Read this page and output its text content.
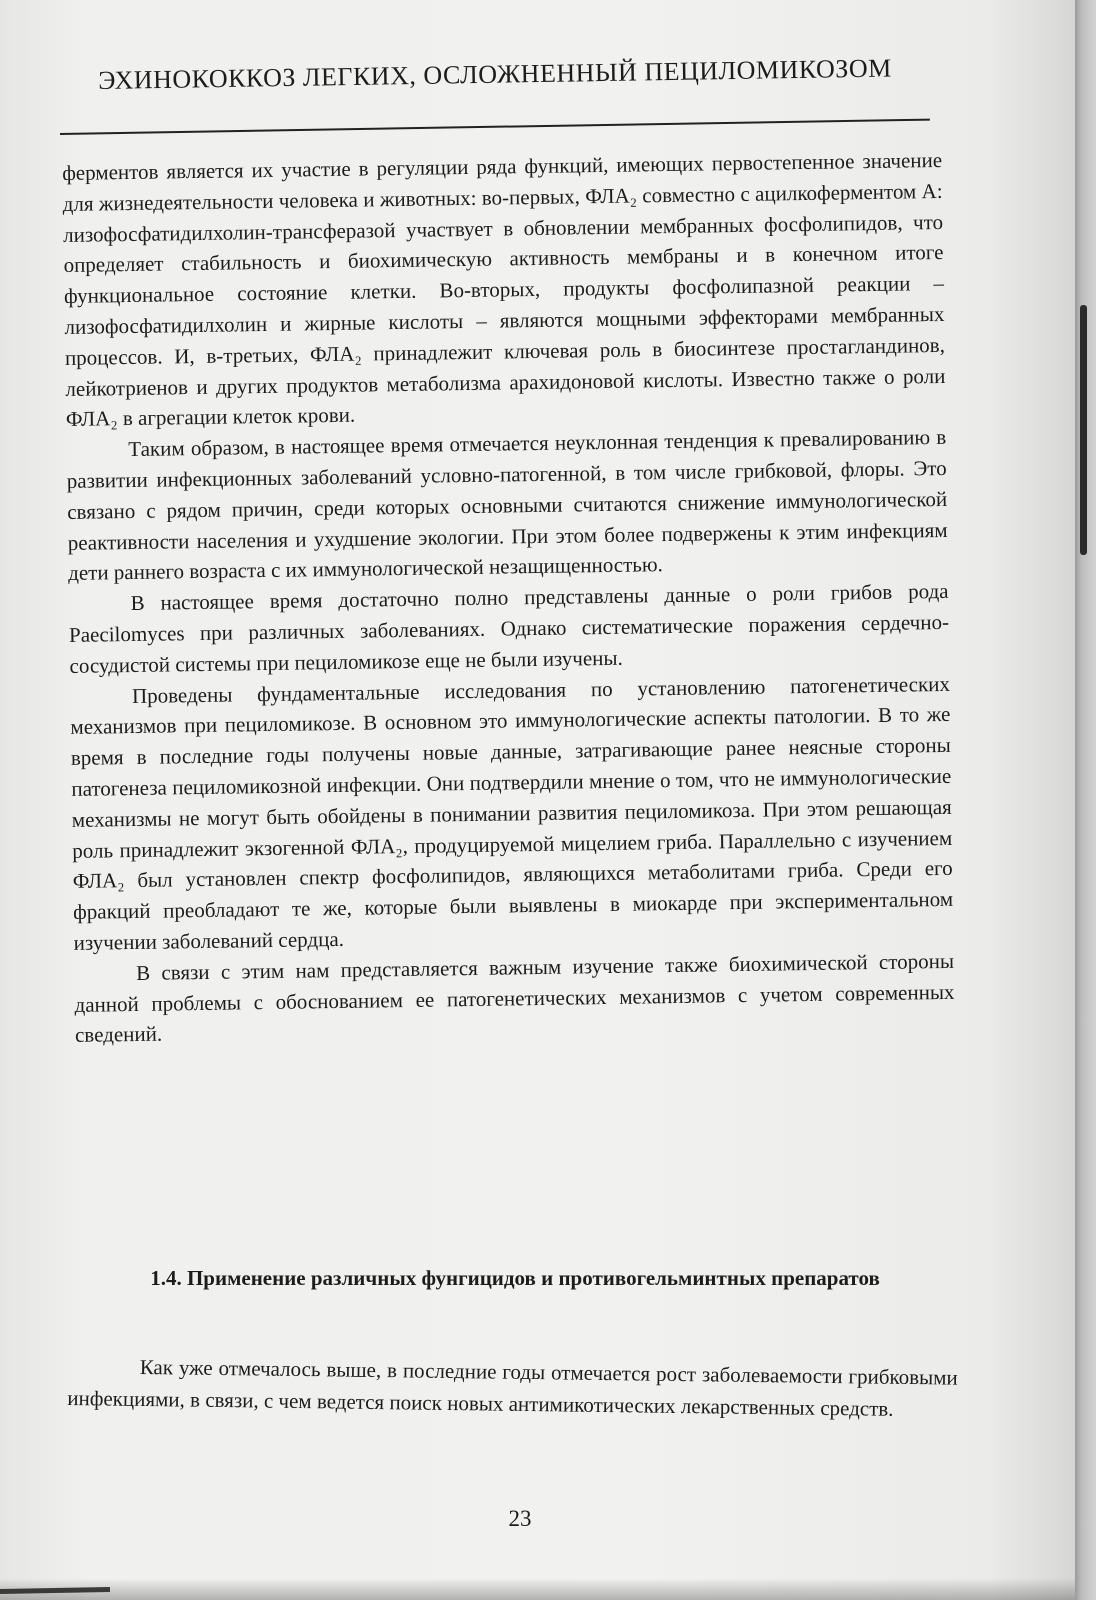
ЭХИНОКОККОЗ ЛЕГКИХ, ОСЛОЖНЕННЫЙ ПЕЦИЛОМИКОЗОМ

ферментов является их участие в регуляции ряда функций, имеющих первостепенное значение для жизнедеятельности человека и животных: во-первых, ФЛА₂ совместно с ацилкоферментом А: лизофосфатидилхолин-трансферазой участвует в обновлении мембранных фосфолипидов, что определяет стабильность и биохимическую активность мембраны и в конечном итоге функциональное состояние клетки. Во-вторых, продукты фосфолипазной реакции – лизофосфатидилхолин и жирные кислоты – являются мощными эффекторами мембранных процессов. И, в-третьих, ФЛА₂ принадлежит ключевая роль в биосинтезе простагландинов, лейкотриенов и других продуктов метаболизма арахидоновой кислоты. Известно также о роли ФЛА₂ в агрегации клеток крови.

Таким образом, в настоящее время отмечается неуклонная тенденция к превалированию в развитии инфекционных заболеваний условно-патогенной, в том числе грибковой, флоры. Это связано с рядом причин, среди которых основными считаются снижение иммунологической реактивности населения и ухудшение экологии. При этом более подвержены к этим инфекциям дети раннего возраста с их иммунологической незащищенностью.

В настоящее время достаточно полно представлены данные о роли грибов рода Paecilomyces при различных заболеваниях. Однако систематические поражения сердечно-сосудистой системы при пециломикозе еще не были изучены.

Проведены фундаментальные исследования по установлению патогенетических механизмов при пециломикозе. В основном это иммунологические аспекты патологии. В то же время в последние годы получены новые данные, затрагивающие ранее неясные стороны патогенеза пециломикозной инфекции. Они подтвердили мнение о том, что не иммунологические механизмы не могут быть обойдены в понимании развития пециломикоза. При этом решающая роль принадлежит экзогенной ФЛА₂, продуцируемой мицелием гриба. Параллельно с изучением ФЛА₂ был установлен спектр фосфолипидов, являющихся метаболитами гриба. Среди его фракций преобладают те же, которые были выявлены в миокарде при экспериментальном изучении заболеваний сердца.

В связи с этим нам представляется важным изучение также биохимической стороны данной проблемы с обоснованием ее патогенетических механизмов с учетом современных сведений.

1.4. Применение различных фунгицидов и противогельминтных препаратов

Как уже отмечалось выше, в последние годы отмечается рост заболеваемости грибковыми инфекциями, в связи, с чем ведется поиск новых антимикотических лекарственных средств.

23
